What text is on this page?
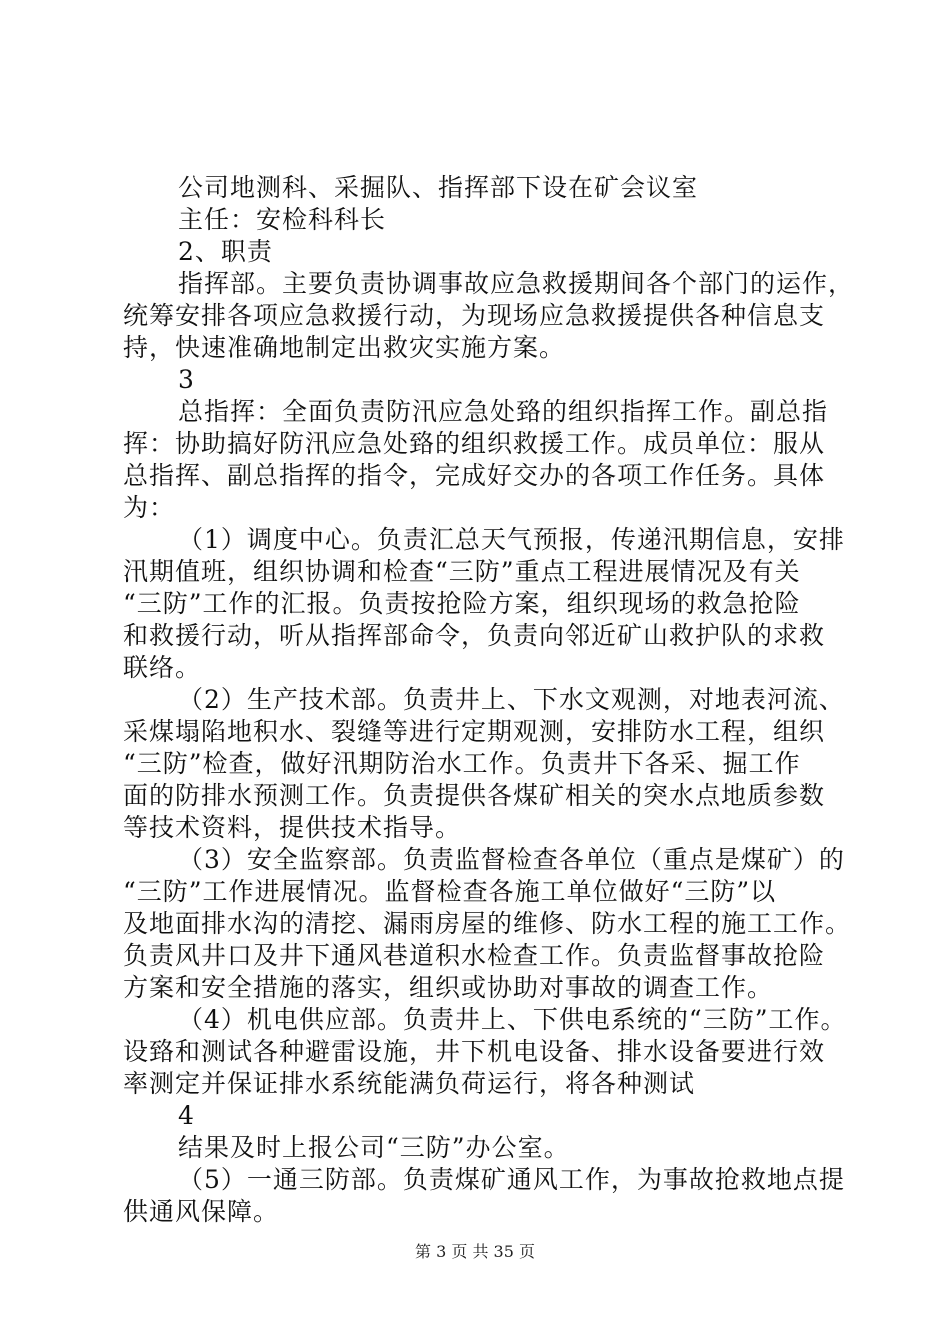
公司地测科、采掘队、指挥部下设在矿会议室
主任：安检科科长
2、职责
指挥部。主要负责协调事故应急救援期间各个部门的运作，
统筹安排各项应急救援行动，为现场应急救援提供各种信息支
持，快速准确地制定出救灾实施方案。
3
总指挥：全面负责防汛应急处臵的组织指挥工作。副总指
挥：协助搞好防汛应急处臵的组织救援工作。成员单位：服从
总指挥、副总指挥的指令，完成好交办的各项工作任务。具体
为：
（1）调度中心。负责汇总天气预报，传递汛期信息，安排
汛期值班，组织协调和检查“三防”重点工程进展情况及有关
“三防”工作的汇报。负责按抢险方案，组织现场的救急抢险
和救援行动，听从指挥部命令，负责向邻近矿山救护队的求救
联络。
（2）生产技术部。负责井上、下水文观测，对地表河流、
采煤塌陷地积水、裂缝等进行定期观测，安排防水工程，组织
“三防”检查，做好汛期防治水工作。负责井下各采、掘工作
面的防排水预测工作。负责提供各煤矿相关的突水点地质参数
等技术资料，提供技术指导。
（3）安全监察部。负责监督检查各单位（重点是煤矿）的
“三防”工作进展情况。监督检查各施工单位做好“三防”以
及地面排水沟的清挖、漏雨房屋的维修、防水工程的施工工作。
负责风井口及井下通风巷道积水检查工作。负责监督事故抢险
方案和安全措施的落实，组织或协助对事故的调查工作。
（4）机电供应部。负责井上、下供电系统的“三防”工作。
设臵和测试各种避雷设施，井下机电设备、排水设备要进行效
率测定并保证排水系统能满负荷运行，将各种测试
4
结果及时上报公司“三防”办公室。
（5）一通三防部。负责煤矿通风工作，为事故抢救地点提
供通风保障。
第 3 页 共 35 页
